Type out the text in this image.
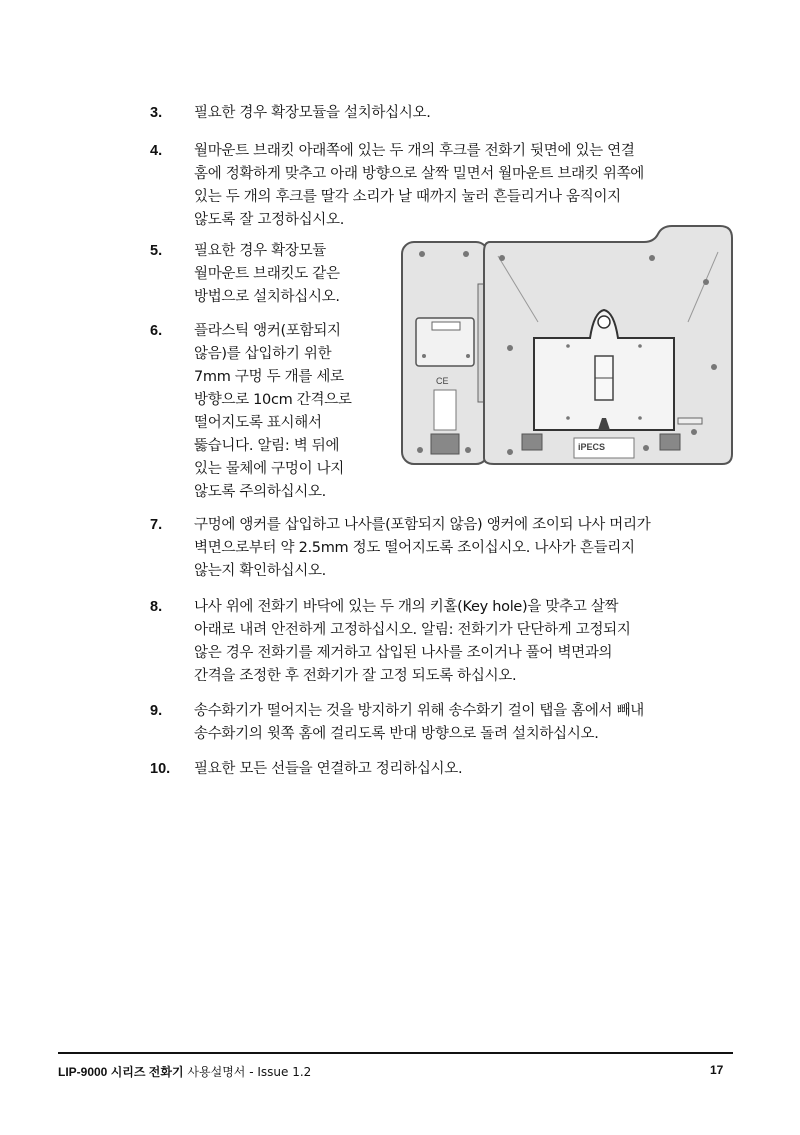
3. 필요한 경우 확장모듈을 설치하십시오.
4. 월마운트 브래킷 아래쪽에 있는 두 개의 후크를 전화기 뒷면에 있는 연결
홈에 정확하게 맞추고 아래 방향으로 살짝 밀면서 월마운트 브래킷 위쪽에
있는 두 개의 후크를 딸각 소리가 날 때까지 눌러 흔들리거나 움직이지
않도록 잘 고정하십시오.
5. 필요한 경우 확장모듈
월마운트 브래킷도 같은
방법으로 설치하십시오.
6. 플라스틱 앵커(포함되지
않음)를 삽입하기 위한
7mm 구멍 두 개를 세로
방향으로 10cm 간격으로
떨어지도록 표시해서
뚫습니다. 알림: 벽 뒤에
있는 물체에 구멍이 나지
않도록 주의하십시오.
7. 구멍에 앵커를 삽입하고 나사를(포함되지 않음) 앵커에 조이되 나사 머리가
벽면으로부터 약 2.5mm 정도 떨어지도록 조이십시오. 나사가 흔들리지
않는지 확인하십시오.
8. 나사 위에 전화기 바닥에 있는 두 개의 키홀(Key hole)을 맞추고 살짝
아래로 내려 안전하게 고정하십시오. 알림: 전화기가 단단하게 고정되지
않은 경우 전화기를 제거하고 삽입된 나사를 조이거나 풀어 벽면과의
간격을 조정한 후 전화기가 잘 고정 되도록 하십시오.
9. 송수화기가 떨어지는 것을 방지하기 위해 송수화기 걸이 탭을 홈에서 빼내
송수화기의 윗쪽 홈에 걸리도록 반대 방향으로 돌려 설치하십시오.
10. 필요한 모든 선들을 연결하고 정리하십시오.
CE
iPECS
LIP-9000 시리즈 전화기 사용설명서 - Issue 1.2	17
